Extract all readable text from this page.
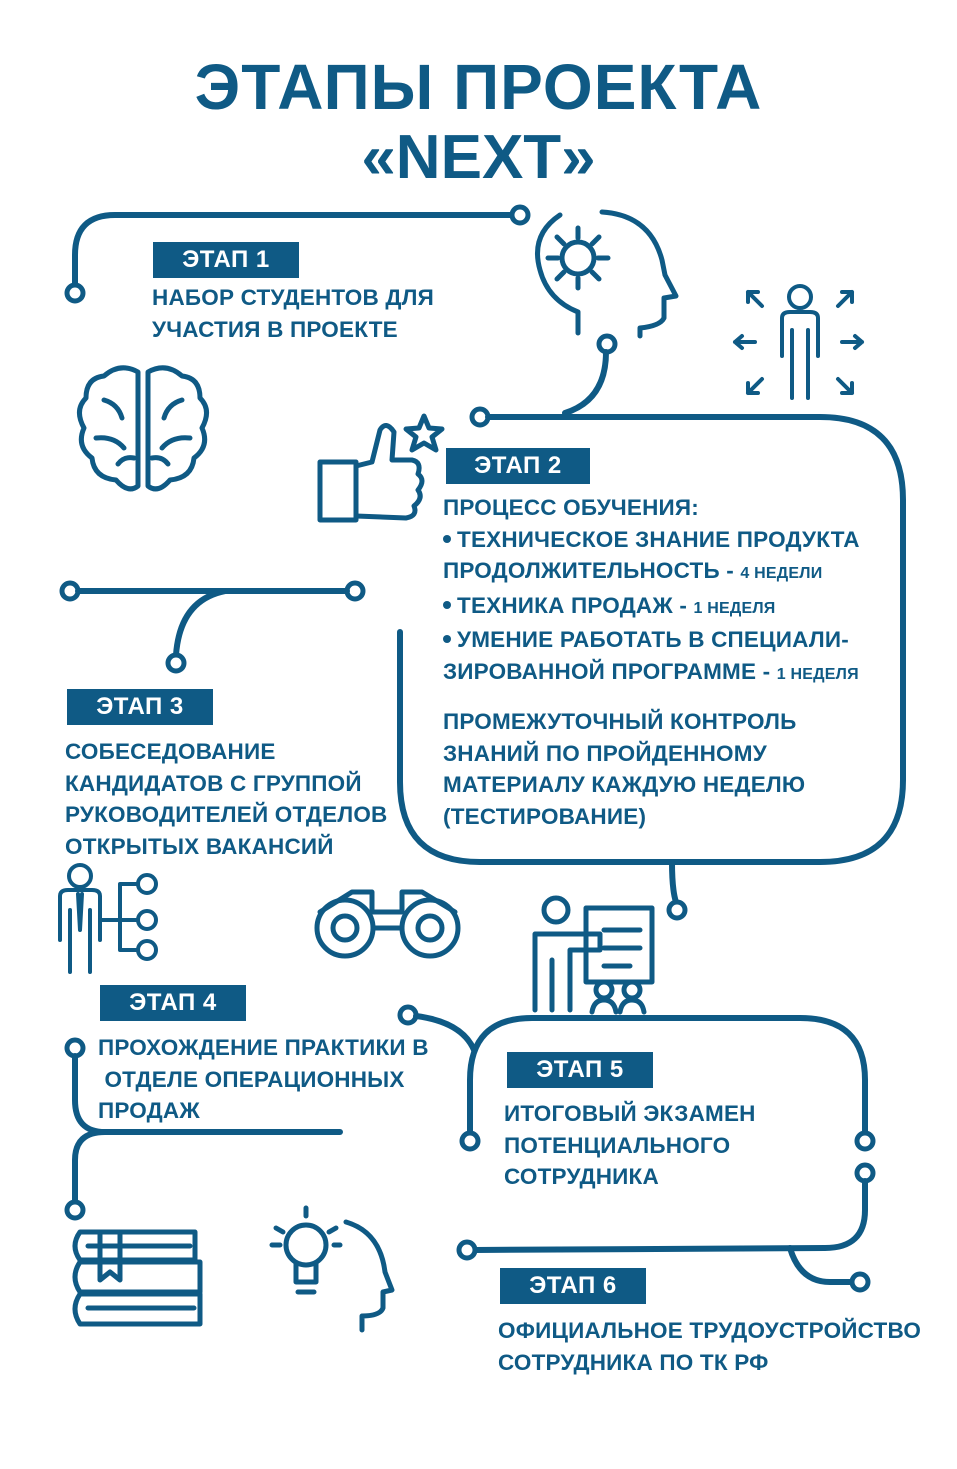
ЭТАПЫ ПРОЕКТА
«NEXT»
ЭТАП 1
НАБОР СТУДЕНТОВ ДЛЯ
УЧАСТИЯ В ПРОЕКТЕ
ЭТАП 2
ПРОЦЕСС ОБУЧЕНИЯ:
ТЕХНИЧЕСКОЕ ЗНАНИЕ ПРОДУКТА
ПРОДОЛЖИТЕЛЬНОСТЬ - 4 НЕДЕЛИ
ТЕХНИКА ПРОДАЖ - 1 НЕДЕЛЯ
УМЕНИЕ РАБОТАТЬ В СПЕЦИАЛИ-
ЗИРОВАННОЙ ПРОГРАММЕ - 1 НЕДЕЛЯ
ПРОМЕЖУТОЧНЫЙ КОНТРОЛЬ
ЗНАНИЙ ПО ПРОЙДЕННОМУ
МАТЕРИАЛУ КАЖДУЮ НЕДЕЛЮ
(ТЕСТИРОВАНИЕ)
ЭТАП 3
СОБЕСЕДОВАНИЕ
КАНДИДАТОВ С ГРУППОЙ
РУКОВОДИТЕЛЕЙ ОТДЕЛОВ
ОТКРЫТЫХ ВАКАНСИЙ
ЭТАП 4
ПРОХОЖДЕНИЕ ПРАКТИКИ В
ОТДЕЛЕ ОПЕРАЦИОННЫХ
ПРОДАЖ
ЭТАП 5
ИТОГОВЫЙ ЭКЗАМЕН
ПОТЕНЦИАЛЬНОГО
СОТРУДНИКА
ЭТАП 6
ОФИЦИАЛЬНОЕ ТРУДОУСТРОЙСТВО
СОТРУДНИКА ПО ТК РФ
